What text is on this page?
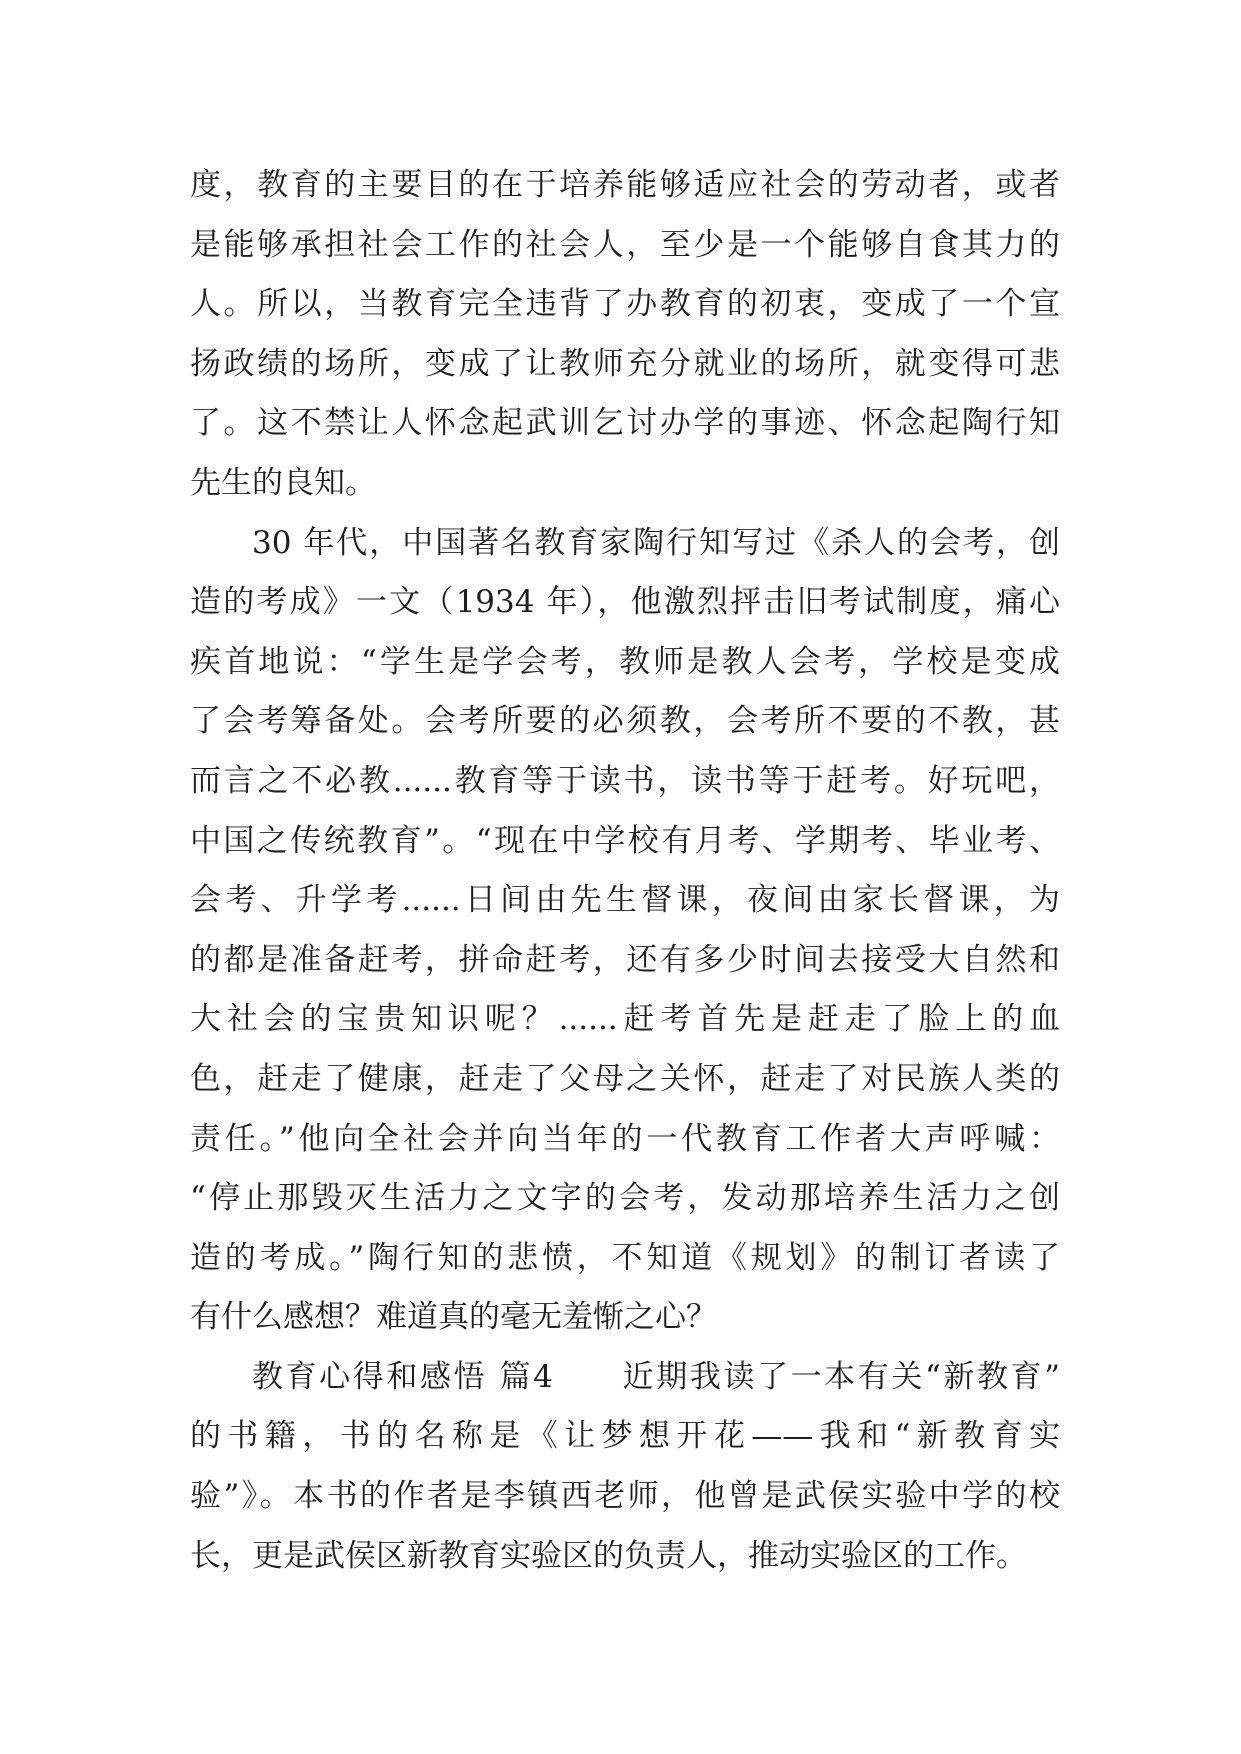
度，教育的主要目的在于培养能够适应社会的劳动者，或者
是能够承担社会工作的社会人，至少是一个能够自食其力的
人。所以，当教育完全违背了办教育的初衷，变成了一个宣
扬政绩的场所，变成了让教师充分就业的场所，就变得可悲
了。这不禁让人怀念起武训乞讨办学的事迹、怀念起陶行知
先生的良知。
30 年代，中国著名教育家陶行知写过《杀人的会考，创
造的考成》一文（1934 年），他激烈抨击旧考试制度，痛心
疾首地说：“学生是学会考，教师是教人会考，学校是变成
了会考筹备处。会考所要的必须教，会考所不要的不教，甚
而言之不必教......教育等于读书，读书等于赶考。好玩吧，
中国之传统教育”。“现在中学校有月考、学期考、毕业考、
会考、升学考......日间由先生督课，夜间由家长督课，为
的都是准备赶考，拼命赶考，还有多少时间去接受大自然和
大社会的宝贵知识呢？......赶考首先是赶走了脸上的血
色，赶走了健康，赶走了父母之关怀，赶走了对民族人类的
责任。”他向全社会并向当年的一代教育工作者大声呼喊：
“停止那毁灭生活力之文字的会考，发动那培养生活力之创
造的考成。”陶行知的悲愤，不知道《规划》的制订者读了
有什么感想？难道真的毫无羞惭之心？
教育心得和感悟 篇4　　近期我读了一本有关“新教育”
的书籍，书的名称是《让梦想开花——我和“新教育实
验”》。本书的作者是李镇西老师，他曾是武侯实验中学的校
长，更是武侯区新教育实验区的负责人，推动实验区的工作。
